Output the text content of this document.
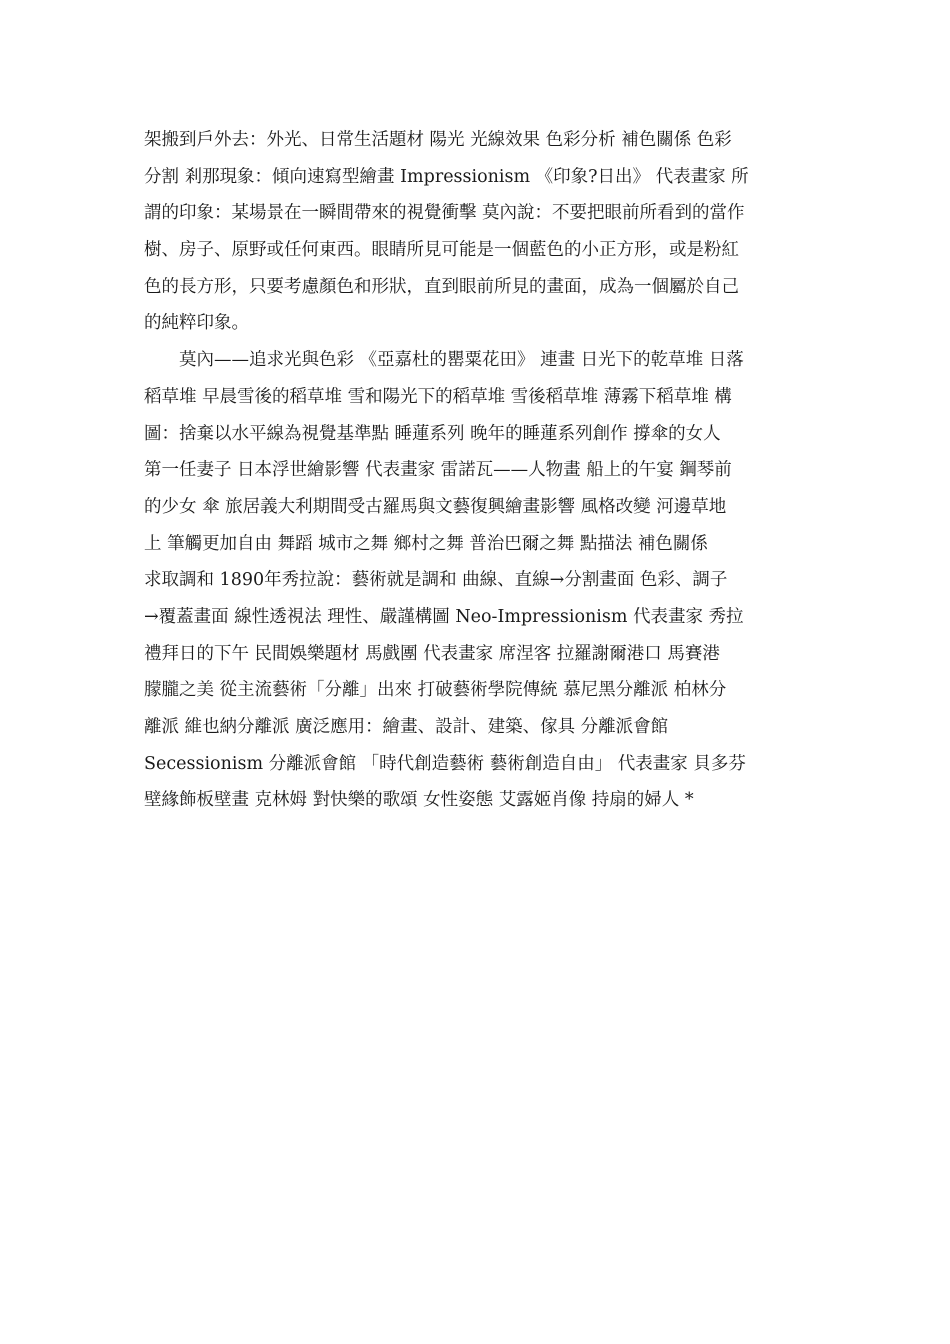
架搬到戶外去：外光、日常生活題材 陽光 光線效果 色彩分析 補色關係 色彩
分割 剎那現象：傾向速寫型繪畫 Impressionism 《印象?日出》 代表畫家 所
謂的印象：某場景在一瞬間帶來的視覺衝擊 莫內說：不要把眼前所看到的當作
樹、房子、原野或任何東西。眼睛所見可能是一個藍色的小正方形，或是粉紅
色的長方形，只要考慮顏色和形狀，直到眼前所見的畫面，成為一個屬於自己
的純粹印象。
　　莫內——追求光與色彩 《亞嘉杜的罌粟花田》 連畫 日光下的乾草堆 日落
稻草堆 早晨雪後的稻草堆 雪和陽光下的稻草堆 雪後稻草堆 薄霧下稻草堆 構
圖：捨棄以水平線為視覺基準點 睡蓮系列 晚年的睡蓮系列創作 撐傘的女人
第一任妻子 日本浮世繪影響 代表畫家 雷諾瓦——人物畫 船上的午宴 鋼琴前
的少女 傘 旅居義大利期間受古羅馬與文藝復興繪畫影響 風格改變 河邊草地
上 筆觸更加自由 舞蹈 城市之舞 鄉村之舞 普治巴爾之舞 點描法 補色關係
求取調和 1890年秀拉說：藝術就是調和 曲線、直線→分割畫面 色彩、調子
→覆蓋畫面 線性透視法 理性、嚴謹構圖 Neo-Impressionism 代表畫家 秀拉
禮拜日的下午 民間娛樂題材 馬戲團 代表畫家 席涅客 拉羅謝爾港口 馬賽港
朦朧之美 從主流藝術「分離」出來 打破藝術學院傳統 慕尼黑分離派 柏林分
離派 維也納分離派 廣泛應用：繪畫、設計、建築、傢具 分離派會館
Secessionism 分離派會館 「時代創造藝術 藝術創造自由」 代表畫家 貝多芬
壁緣飾板壁畫 克林姆 對快樂的歌頌 女性姿態 艾露姬肖像 持扇的婦人 *
